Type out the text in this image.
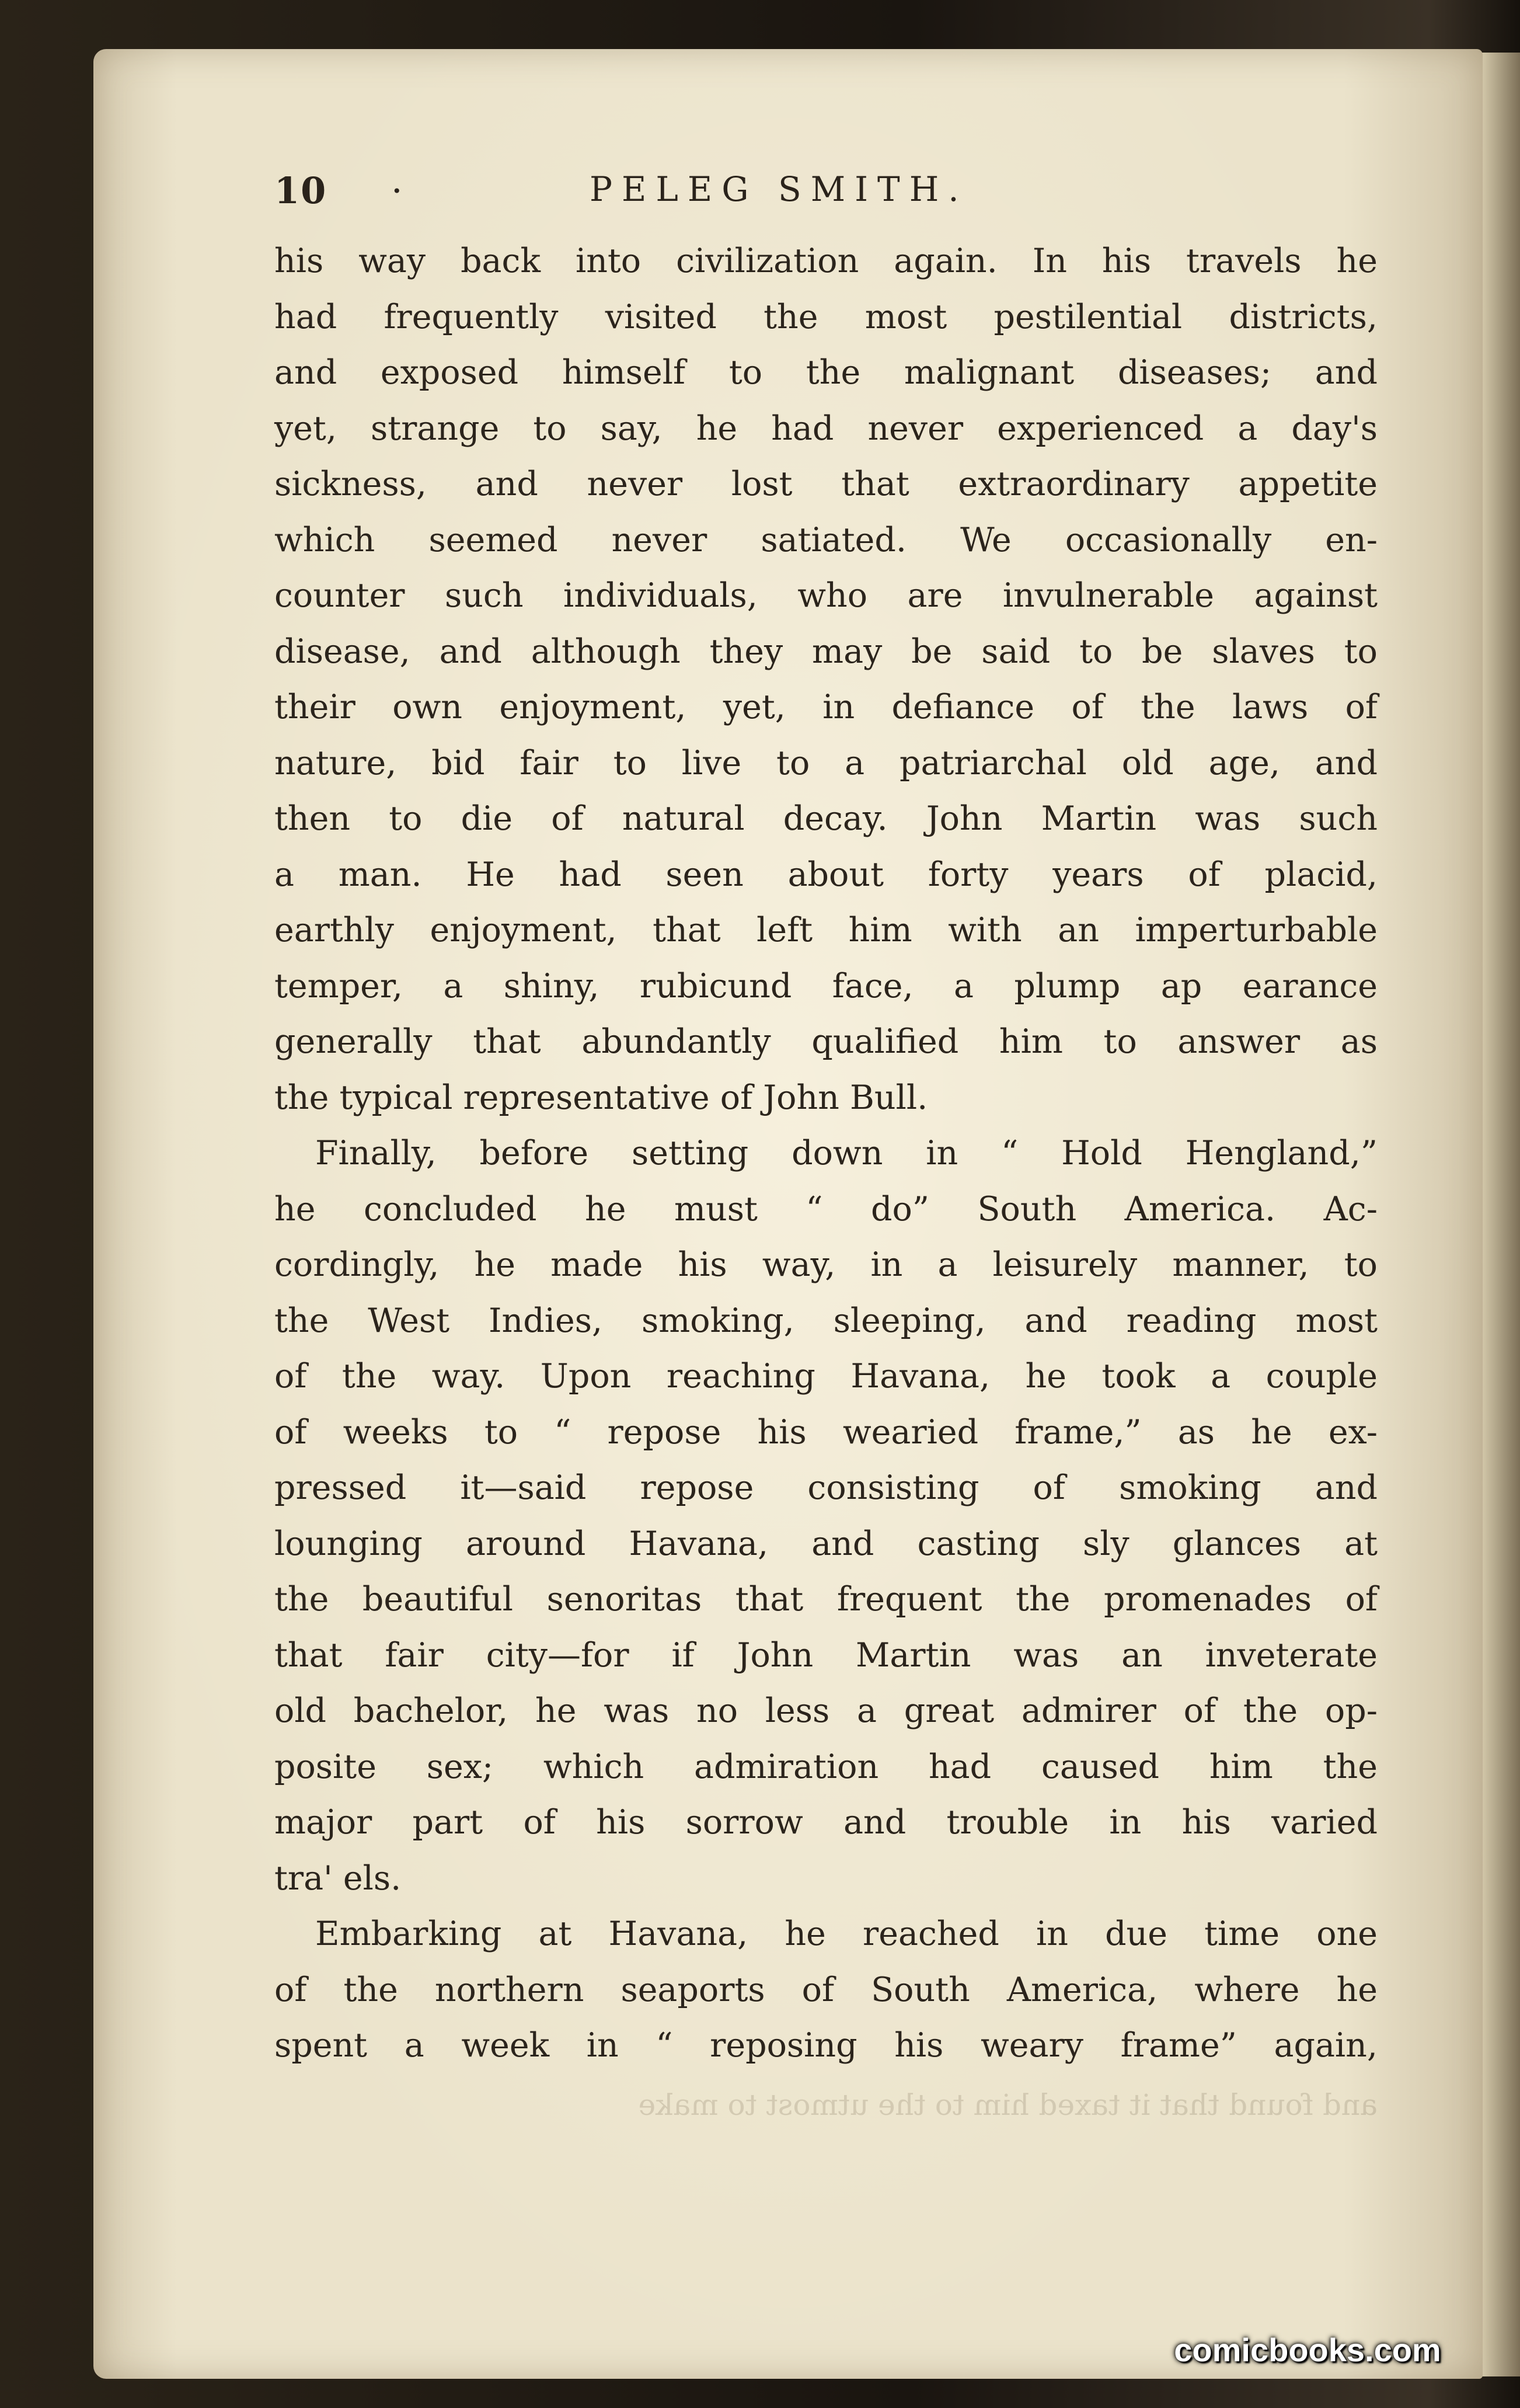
10 ·	PELEG SMITH.
his way back into civilization again. In his travels he
had frequently visited the most pestilential districts,
and exposed himself to the malignant diseases; and
yet, strange to say, he had never experienced a day's
sickness, and never lost that extraordinary appetite
which seemed never satiated. We occasionally en-
counter such individuals, who are invulnerable against
disease, and although they may be said to be slaves to
their own enjoyment, yet, in defiance of the laws of
nature, bid fair to live to a patriarchal old age, and
then to die of natural decay. John Martin was such
a man. He had seen about forty years of placid,
earthly enjoyment, that left him with an imperturbable
temper, a shiny, rubicund face, a plump ap earance
generally that abundantly qualified him to answer as
the typical representative of John Bull.
Finally, before setting down in “ Hold Hengland,”
he concluded he must “ do” South America. Ac-
cordingly, he made his way, in a leisurely manner, to
the West Indies, smoking, sleeping, and reading most
of the way. Upon reaching Havana, he took a couple
of weeks to “ repose his wearied frame,” as he ex-
pressed it—said repose consisting of smoking and
lounging around Havana, and casting sly glances at
the beautiful senoritas that frequent the promenades of
that fair city—for if John Martin was an inveterate
old bachelor, he was no less a great admirer of the op-
posite sex; which admiration had caused him the
major part of his sorrow and trouble in his varied
tra' els.
Embarking at Havana, he reached in due time one
of the northern seaports of South America, where he
spent a week in “ reposing his weary frame” again,
and found that it taxed him to the utmost to make
comicbooks.com
